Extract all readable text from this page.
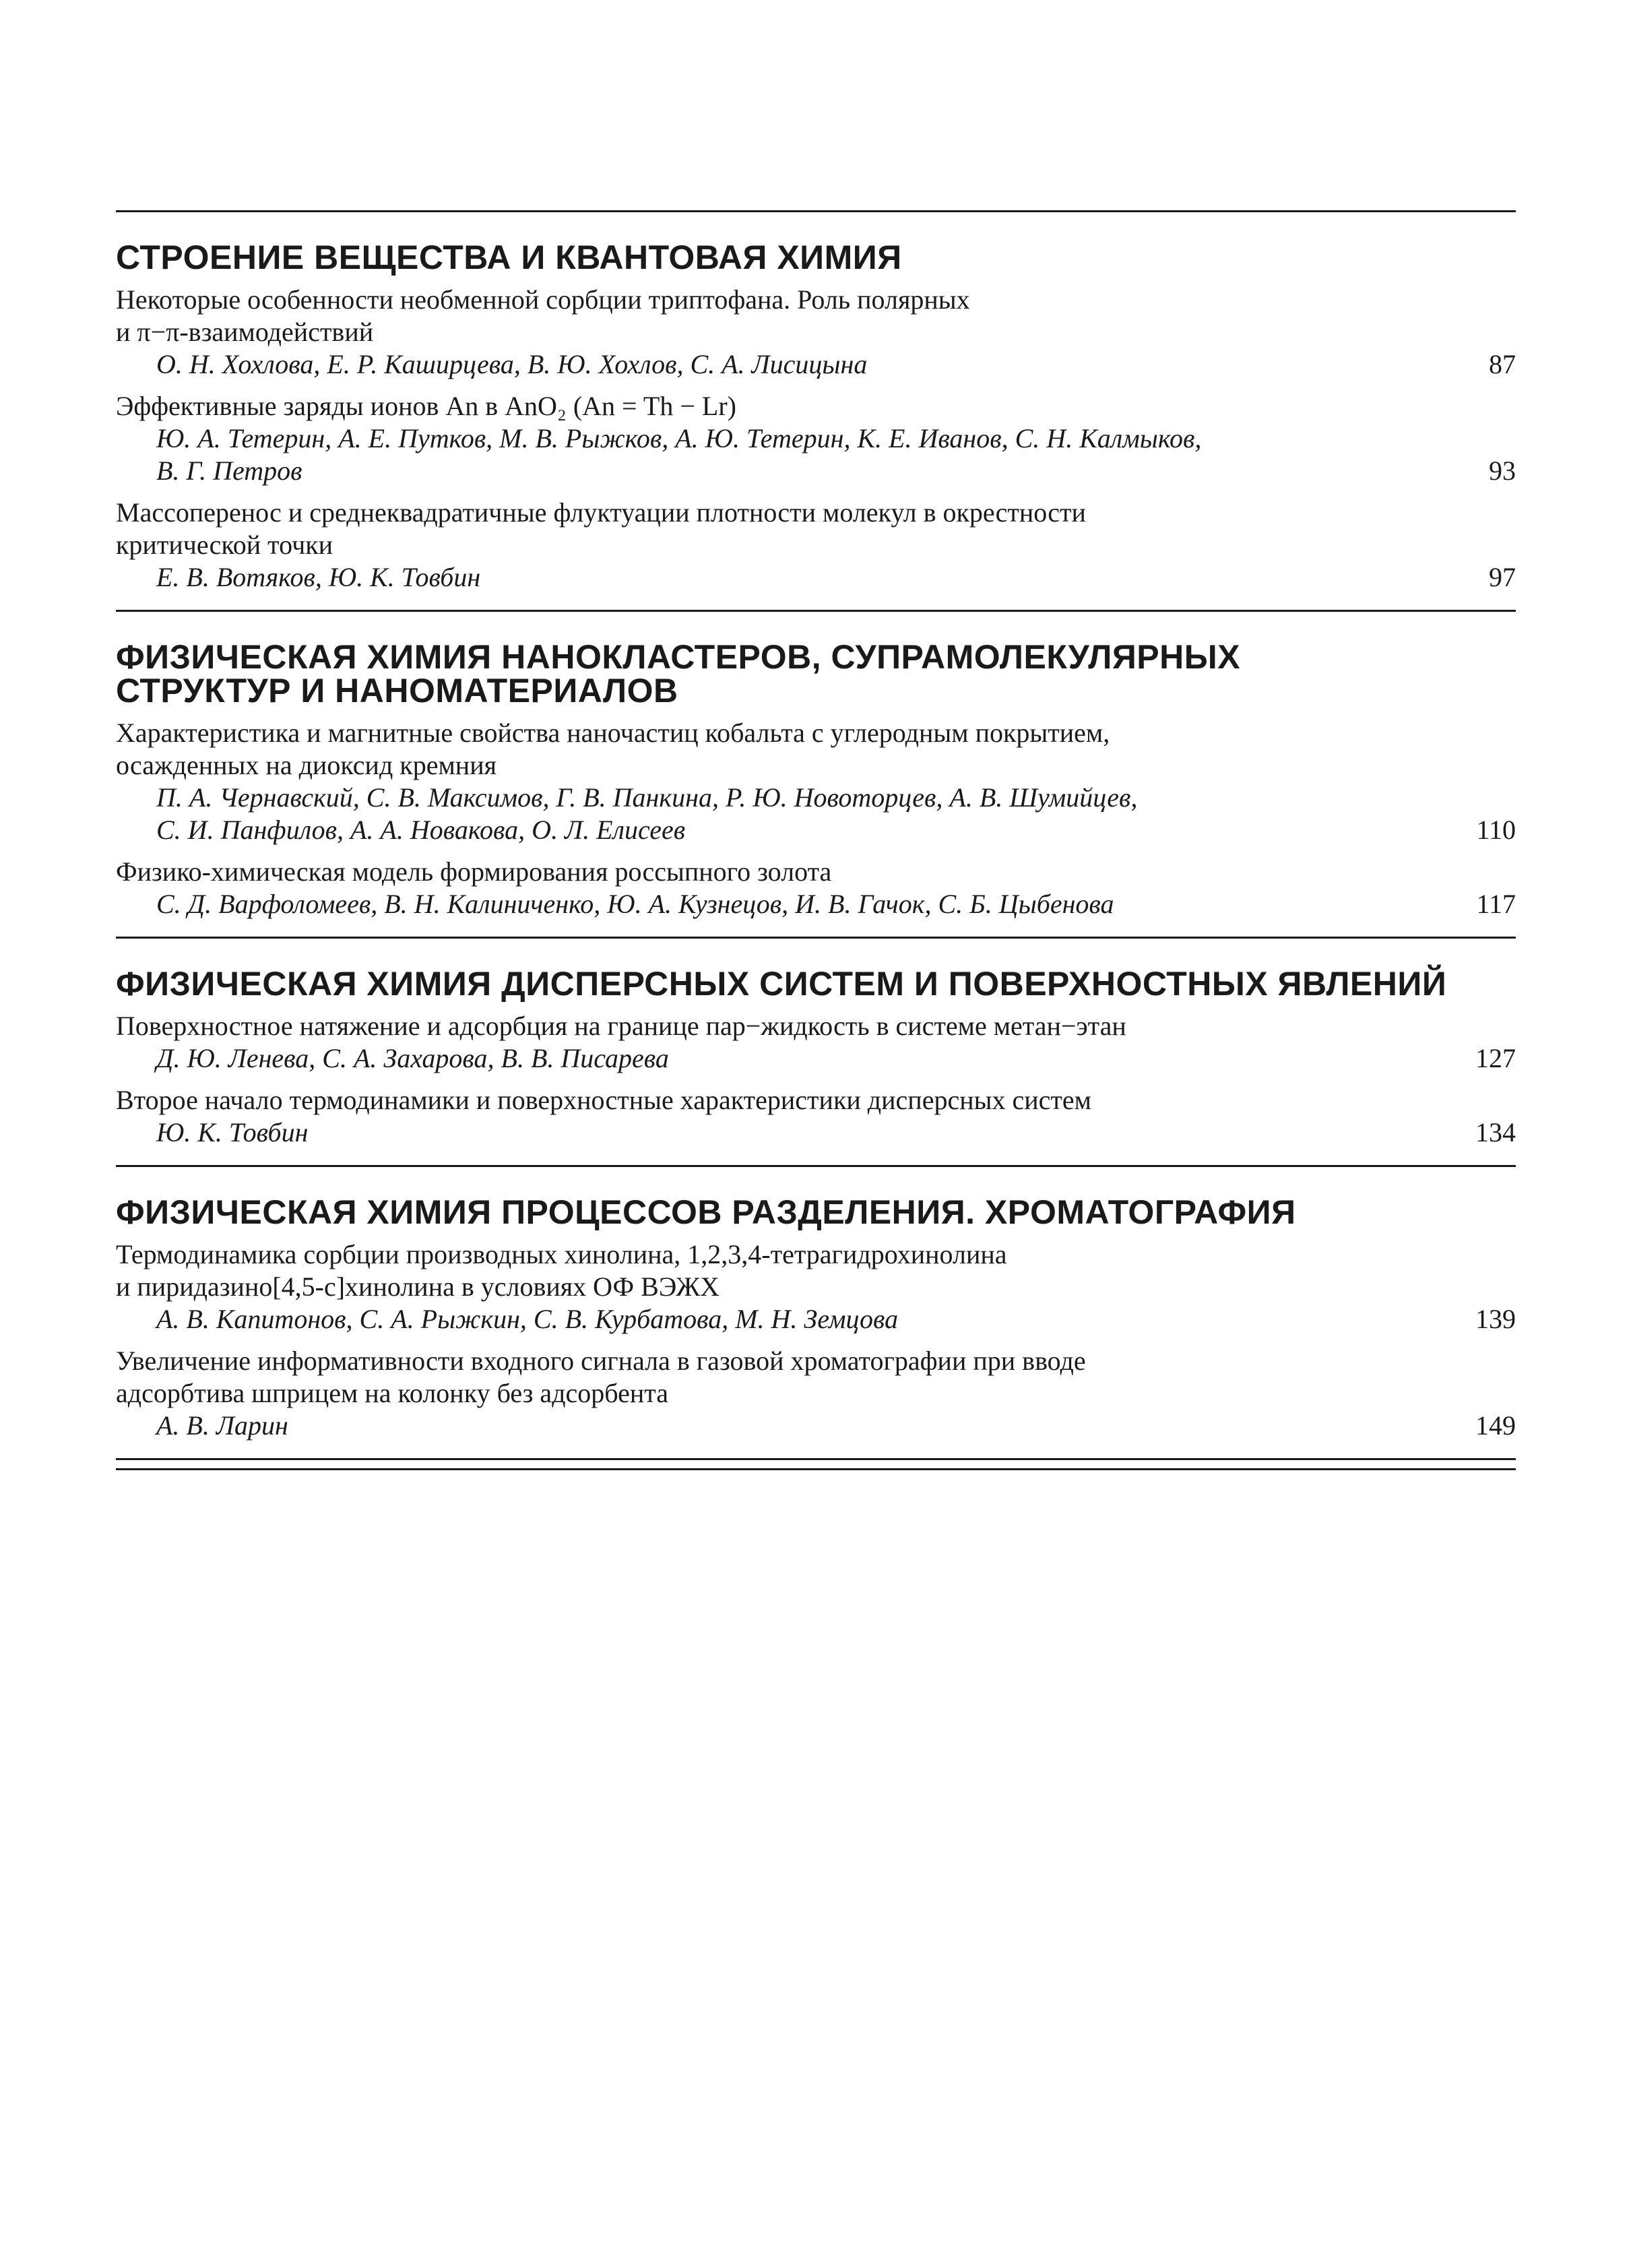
СТРОЕНИЕ ВЕЩЕСТВА И КВАНТОВАЯ ХИМИЯ
Некоторые особенности необменной сорбции триптофана. Роль полярных
и π−π-взаимодействий
О. Н. Хохлова, Е. Р. Каширцева, В. Ю. Хохлов, С. А. Лисицына	87
Эффективные заряды ионов An в AnO₂ (An = Th − Lr)
Ю. А. Тетерин, А. Е. Путков, М. В. Рыжков, А. Ю. Тетерин, К. Е. Иванов, С. Н. Калмыков,
В. Г. Петров	93
Массоперенос и среднеквадратичные флуктуации плотности молекул в окрестности
критической точки
Е. В. Вотяков, Ю. К. Товбин	97
ФИЗИЧЕСКАЯ ХИМИЯ НАНОКЛАСТЕРОВ, СУПРАМОЛЕКУЛЯРНЫХ
СТРУКТУР И НАНОМАТЕРИАЛОВ
Характеристика и магнитные свойства наночастиц кобальта с углеродным покрытием,
осажденных на диоксид кремния
П. А. Чернавский, С. В. Максимов, Г. В. Панкина, Р. Ю. Новоторцев, А. В. Шумийцев,
С. И. Панфилов, А. А. Новакова, О. Л. Елисеев	110
Физико-химическая модель формирования россыпного золота
С. Д. Варфоломеев, В. Н. Калиниченко, Ю. А. Кузнецов, И. В. Гачок, С. Б. Цыбенова	117
ФИЗИЧЕСКАЯ ХИМИЯ ДИСПЕРСНЫХ СИСТЕМ И ПОВЕРХНОСТНЫХ ЯВЛЕНИЙ
Поверхностное натяжение и адсорбция на границе пар−жидкость в системе метан−этан
Д. Ю. Ленева, С. А. Захарова, В. В. Писарева	127
Второе начало термодинамики и поверхностные характеристики дисперсных систем
Ю. К. Товбин	134
ФИЗИЧЕСКАЯ ХИМИЯ ПРОЦЕССОВ РАЗДЕЛЕНИЯ. ХРОМАТОГРАФИЯ
Термодинамика сорбции производных хинолина, 1,2,3,4-тетрагидрохинолина
и пиридазино[4,5-с]хинолина в условиях ОФ ВЭЖХ
А. В. Капитонов, С. А. Рыжкин, С. В. Курбатова, М. Н. Земцова	139
Увеличение информативности входного сигнала в газовой хроматографии при вводе
адсорбтива шприцем на колонку без адсорбента
А. В. Ларин	149
